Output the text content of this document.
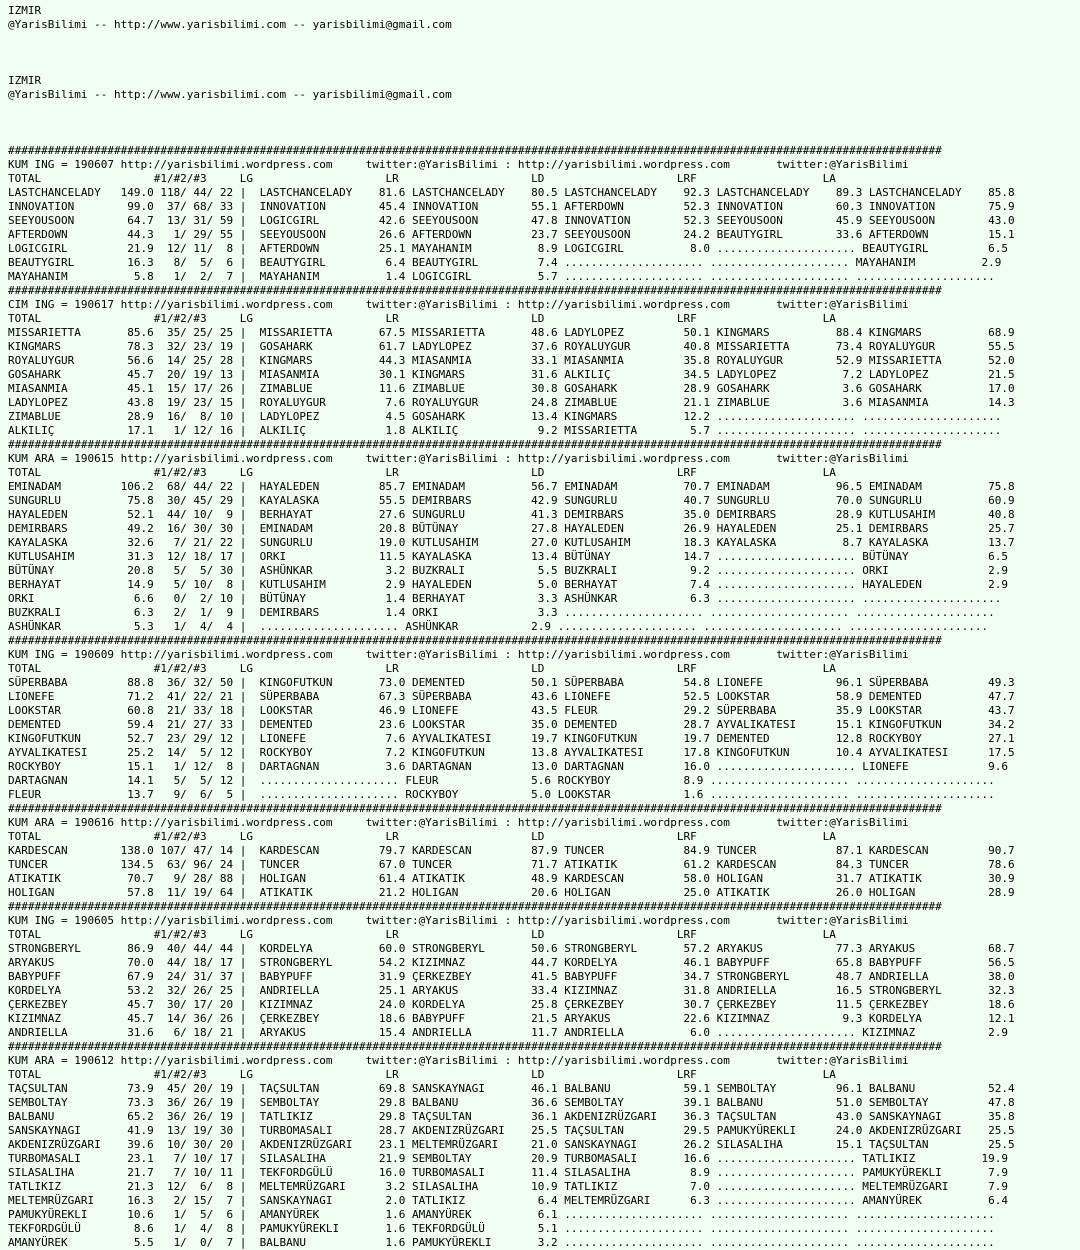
IZMIR
@YarisBilimi -- http://www.yarisbilimi.com -- yarisbilimi@gmail.com
IZMIR
@YarisBilimi -- http://www.yarisbilimi.com -- yarisbilimi@gmail.com
#############################################################################################################################################
KUM ING = 190607 http://yarisbilimi.wordpress.com     twitter:@YarisBilimi : http://yarisbilimi.wordpress.com       twitter:@YarisBilimi
TOTAL                 #1/#2/#3     LG                    LR                    LD                    LRF                   LA
LASTCHANCELADY   149.0 118/ 44/ 22 |  LASTCHANCELADY    81.6 LASTCHANCELADY    80.5 LASTCHANCELADY    92.3 LASTCHANCELADY    89.3 LASTCHANCELADY    85.8
INNOVATION        99.0  37/ 68/ 33 |  INNOVATION        45.4 INNOVATION        55.1 AFTERDOWN         52.3 INNOVATION        60.3 INNOVATION        75.9
SEEYOUSOON        64.7  13/ 31/ 59 |  LOGICGIRL         42.6 SEEYOUSOON        47.8 INNOVATION        52.3 SEEYOUSOON        45.9 SEEYOUSOON        43.0
AFTERDOWN         44.3   1/ 29/ 55 |  SEEYOUSOON        26.6 AFTERDOWN         23.7 SEEYOUSOON        24.2 BEAUTYGIRL        33.6 AFTERDOWN         15.1
LOGICGIRL         21.9  12/ 11/  8 |  AFTERDOWN         25.1 MAYAHANIM          8.9 LOGICGIRL          8.0 ..................... BEAUTYGIRL         6.5
BEAUTYGIRL        16.3   8/  5/  6 |  BEAUTYGIRL         6.4 BEAUTYGIRL         7.4 ..................... ..................... MAYAHANIM          2.9
MAYAHANIM          5.8   1/  2/  7 |  MAYAHANIM          1.4 LOGICGIRL          5.7 ..................... ..................... .....................
#############################################################################################################################################
CIM ING = 190617 http://yarisbilimi.wordpress.com     twitter:@YarisBilimi : http://yarisbilimi.wordpress.com       twitter:@YarisBilimi
TOTAL                 #1/#2/#3     LG                    LR                    LD                    LRF                   LA
MISSARIETTA       85.6  35/ 25/ 25 |  MISSARIETTA       67.5 MISSARIETTA       48.6 LADYLOPEZ         50.1 KINGMARS          88.4 KINGMARS          68.9
KINGMARS          78.3  32/ 23/ 19 |  GOSAHARK          61.7 LADYLOPEZ         37.6 ROYALUYGUR        40.8 MISSARIETTA       73.4 ROYALUYGUR        55.5
ROYALUYGUR        56.6  14/ 25/ 28 |  KINGMARS          44.3 MIASANMIA         33.1 MIASANMIA         35.8 ROYALUYGUR        52.9 MISSARIETTA       52.0
GOSAHARK          45.7  20/ 19/ 13 |  MIASANMIA         30.1 KINGMARS          31.6 ALKILIÇ           34.5 LADYLOPEZ          7.2 LADYLOPEZ         21.5
MIASANMIA         45.1  15/ 17/ 26 |  ZIMABLUE          11.6 ZIMABLUE          30.8 GOSAHARK          28.9 GOSAHARK           3.6 GOSAHARK          17.0
LADYLOPEZ         43.8  19/ 23/ 15 |  ROYALUYGUR         7.6 ROYALUYGUR        24.8 ZIMABLUE          21.1 ZIMABLUE           3.6 MIASANMIA         14.3
ZIMABLUE          28.9  16/  8/ 10 |  LADYLOPEZ          4.5 GOSAHARK          13.4 KINGMARS          12.2 ..................... .....................
ALKILIÇ           17.1   1/ 12/ 16 |  ALKILIÇ            1.8 ALKILIÇ            9.2 MISSARIETTA        5.7 ..................... .....................
#############################################################################################################################################
KUM ARA = 190615 http://yarisbilimi.wordpress.com     twitter:@YarisBilimi : http://yarisbilimi.wordpress.com       twitter:@YarisBilimi
TOTAL                 #1/#2/#3     LG                    LR                    LD                    LRF                   LA
EMINADAM         106.2  68/ 44/ 22 |  HAYALEDEN         85.7 EMINADAM          56.7 EMINADAM          70.7 EMINADAM          96.5 EMINADAM          75.8
SUNGURLU          75.8  30/ 45/ 29 |  KAYALASKA         55.5 DEMIRBARS         42.9 SUNGURLU          40.7 SUNGURLU          70.0 SUNGURLU          60.9
HAYALEDEN         52.1  44/ 10/  9 |  BERHAYAT          27.6 SUNGURLU          41.3 DEMIRBARS         35.0 DEMIRBARS         28.9 KUTLUSAHIM        40.8
DEMIRBARS         49.2  16/ 30/ 30 |  EMINADAM          20.8 BÜTÜNAY           27.8 HAYALEDEN         26.9 HAYALEDEN         25.1 DEMIRBARS         25.7
KAYALASKA         32.6   7/ 21/ 22 |  SUNGURLU          19.0 KUTLUSAHIM        27.0 KUTLUSAHIM        18.3 KAYALASKA          8.7 KAYALASKA         13.7
KUTLUSAHIM        31.3  12/ 18/ 17 |  ORKI              11.5 KAYALASKA         13.4 BÜTÜNAY           14.7 ..................... BÜTÜNAY            6.5
BÜTÜNAY           20.8   5/  5/ 30 |  ASHÜNKAR           3.2 BUZKRALI           5.5 BUZKRALI           9.2 ..................... ORKI               2.9
BERHAYAT          14.9   5/ 10/  8 |  KUTLUSAHIM         2.9 HAYALEDEN          5.0 BERHAYAT           7.4 ..................... HAYALEDEN          2.9
ORKI               6.6   0/  2/ 10 |  BÜTÜNAY            1.4 BERHAYAT           3.3 ASHÜNKAR           6.3 ..................... .....................
BUZKRALI           6.3   2/  1/  9 |  DEMIRBARS          1.4 ORKI               3.3 ..................... ..................... .....................
ASHÜNKAR           5.3   1/  4/  4 |  ..................... ASHÜNKAR           2.9 ..................... ..................... .....................
#############################################################################################################################################
KUM ING = 190609 http://yarisbilimi.wordpress.com     twitter:@YarisBilimi : http://yarisbilimi.wordpress.com       twitter:@YarisBilimi
TOTAL                 #1/#2/#3     LG                    LR                    LD                    LRF                   LA
SÜPERBABA         88.8  36/ 32/ 50 |  KINGOFUTKUN       73.0 DEMENTED          50.1 SÜPERBABA         54.8 LIONEFE           96.1 SÜPERBABA         49.3
LIONEFE           71.2  41/ 22/ 21 |  SÜPERBABA         67.3 SÜPERBABA         43.6 LIONEFE           52.5 LOOKSTAR          58.9 DEMENTED          47.7
LOOKSTAR          60.8  21/ 33/ 18 |  LOOKSTAR          46.9 LIONEFE           43.5 FLEUR             29.2 SÜPERBABA         35.9 LOOKSTAR          43.7
DEMENTED          59.4  21/ 27/ 33 |  DEMENTED          23.6 LOOKSTAR          35.0 DEMENTED          28.7 AYVALIKATESI      15.1 KINGOFUTKUN       34.2
KINGOFUTKUN       52.7  23/ 29/ 12 |  LIONEFE            7.6 AYVALIKATESI      19.7 KINGOFUTKUN       19.7 DEMENTED          12.8 ROCKYBOY          27.1
AYVALIKATESI      25.2  14/  5/ 12 |  ROCKYBOY           7.2 KINGOFUTKUN       13.8 AYVALIKATESI      17.8 KINGOFUTKUN       10.4 AYVALIKATESI      17.5
ROCKYBOY          15.1   1/ 12/  8 |  DARTAGNAN          3.6 DARTAGNAN         13.0 DARTAGNAN         16.0 ..................... LIONEFE            9.6
DARTAGNAN         14.1   5/  5/ 12 |  ..................... FLEUR              5.6 ROCKYBOY           8.9 ..................... .....................
FLEUR             13.7   9/  6/  5 |  ..................... ROCKYBOY           5.0 LOOKSTAR           1.6 ..................... .....................
#############################################################################################################################################
KUM ARA = 190616 http://yarisbilimi.wordpress.com     twitter:@YarisBilimi : http://yarisbilimi.wordpress.com       twitter:@YarisBilimi
TOTAL                 #1/#2/#3     LG                    LR                    LD                    LRF                   LA
KARDESCAN        138.0 107/ 47/ 14 |  KARDESCAN         79.7 KARDESCAN         87.9 TUNCER            84.9 TUNCER            87.1 KARDESCAN         90.7
TUNCER           134.5  63/ 96/ 24 |  TUNCER            67.0 TUNCER            71.7 ATIKATIK          61.2 KARDESCAN         84.3 TUNCER            78.6
ATIKATIK          70.7   9/ 28/ 88 |  HOLIGAN           61.4 ATIKATIK          48.9 KARDESCAN         58.0 HOLIGAN           31.7 ATIKATIK          30.9
HOLIGAN           57.8  11/ 19/ 64 |  ATIKATIK          21.2 HOLIGAN           20.6 HOLIGAN           25.0 ATIKATIK          26.0 HOLIGAN           28.9
#############################################################################################################################################
KUM ING = 190605 http://yarisbilimi.wordpress.com     twitter:@YarisBilimi : http://yarisbilimi.wordpress.com       twitter:@YarisBilimi
TOTAL                 #1/#2/#3     LG                    LR                    LD                    LRF                   LA
STRONGBERYL       86.9  40/ 44/ 44 |  KORDELYA          60.0 STRONGBERYL       50.6 STRONGBERYL       57.2 ARYAKUS           77.3 ARYAKUS           68.7
ARYAKUS           70.0  44/ 18/ 17 |  STRONGBERYL       54.2 KIZIMNAZ          44.7 KORDELYA          46.1 BABYPUFF          65.8 BABYPUFF          56.5
BABYPUFF          67.9  24/ 31/ 37 |  BABYPUFF          31.9 ÇERKEZBEY         41.5 BABYPUFF          34.7 STRONGBERYL       48.7 ANDRIELLA         38.0
KORDELYA          53.2  32/ 26/ 25 |  ANDRIELLA         25.1 ARYAKUS           33.4 KIZIMNAZ          31.8 ANDRIELLA         16.5 STRONGBERYL       32.3
ÇERKEZBEY         45.7  30/ 17/ 20 |  KIZIMNAZ          24.0 KORDELYA          25.8 ÇERKEZBEY         30.7 ÇERKEZBEY         11.5 ÇERKEZBEY         18.6
KIZIMNAZ          45.7  14/ 36/ 26 |  ÇERKEZBEY         18.6 BABYPUFF          21.5 ARYAKUS           22.6 KIZIMNAZ           9.3 KORDELYA          12.1
ANDRIELLA         31.6   6/ 18/ 21 |  ARYAKUS           15.4 ANDRIELLA         11.7 ANDRIELLA          6.0 ..................... KIZIMNAZ           2.9
#############################################################################################################################################
KUM ARA = 190612 http://yarisbilimi.wordpress.com     twitter:@YarisBilimi : http://yarisbilimi.wordpress.com       twitter:@YarisBilimi
TOTAL                 #1/#2/#3     LG                    LR                    LD                    LRF                   LA
TAÇSULTAN         73.9  45/ 20/ 19 |  TAÇSULTAN         69.8 SANSKAYNAGI       46.1 BALBANU           59.1 SEMBOLTAY         96.1 BALBANU           52.4
SEMBOLTAY         73.3  36/ 26/ 19 |  SEMBOLTAY         29.8 BALBANU           36.6 SEMBOLTAY         39.1 BALBANU           51.0 SEMBOLTAY         47.8
BALBANU           65.2  36/ 26/ 19 |  TATLIKIZ          29.8 TAÇSULTAN         36.1 AKDENIZRÜZGARI    36.3 TAÇSULTAN         43.0 SANSKAYNAGI       35.8
SANSKAYNAGI       41.9  13/ 19/ 30 |  TURBOMASALI       28.7 AKDENIZRÜZGARI    25.5 TAÇSULTAN         29.5 PAMUKYÜREKLI      24.0 AKDENIZRÜZGARI    25.5
AKDENIZRÜZGARI    39.6  10/ 30/ 20 |  AKDENIZRÜZGARI    23.1 MELTEMRÜZGARI     21.0 SANSKAYNAGI       26.2 SILASALIHA        15.1 TAÇSULTAN         25.5
TURBOMASALI       23.1   7/ 10/ 17 |  SILASALIHA        21.9 SEMBOLTAY         20.9 TURBOMASALI       16.6 ..................... TATLIKIZ          19.9
SILASALIHA        21.7   7/ 10/ 11 |  TEKFORDGÜLÜ       16.0 TURBOMASALI       11.4 SILASALIHA         8.9 ..................... PAMUKYÜREKLI       7.9
TATLIKIZ          21.3  12/  6/  8 |  MELTEMRÜZGARI      3.2 SILASALIHA        10.9 TATLIKIZ           7.0 ..................... MELTEMRÜZGARI      7.9
MELTEMRÜZGARI     16.3   2/ 15/  7 |  SANSKAYNAGI        2.0 TATLIKIZ           6.4 MELTEMRÜZGARI      6.3 ..................... AMANYÜREK          6.4
PAMUKYÜREKLI      10.6   1/  5/  6 |  AMANYÜREK          1.6 AMANYÜREK          6.1 ..................... ..................... .....................
TEKFORDGÜLÜ        8.6   1/  4/  8 |  PAMUKYÜREKLI       1.6 TEKFORDGÜLÜ        5.1 ..................... ..................... .....................
AMANYÜREK          5.5   1/  0/  7 |  BALBANU            1.6 PAMUKYÜREKLI       3.2 ..................... ..................... .....................
